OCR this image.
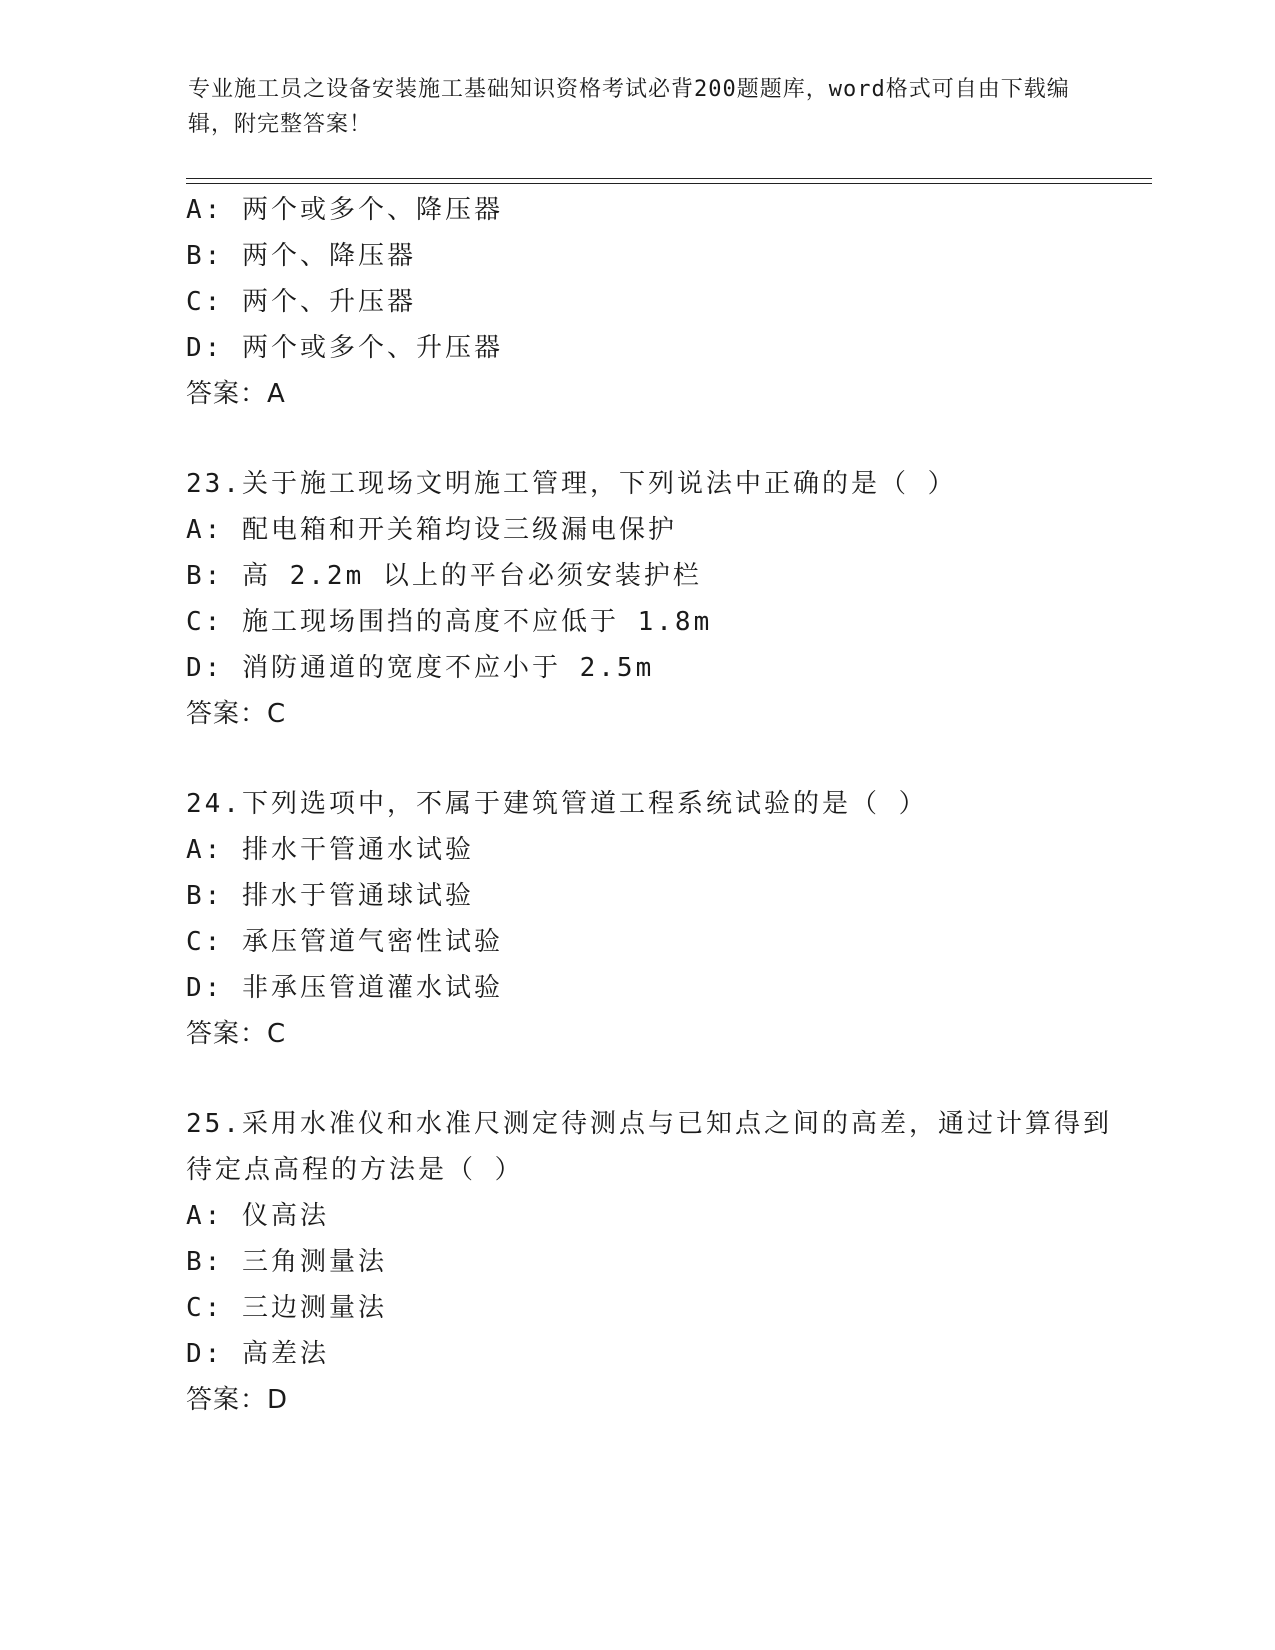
专业施工员之设备安装施工基础知识资格考试必背200题题库，word格式可自由下载编辑，附完整答案！
A: 两个或多个、降压器
B: 两个、降压器
C: 两个、升压器
D: 两个或多个、升压器
答案：A
23.关于施工现场文明施工管理，下列说法中正确的是（ ）
A: 配电箱和开关箱均设三级漏电保护
B: 高 2.2m 以上的平台必须安装护栏
C: 施工现场围挡的高度不应低于 1.8m
D: 消防通道的宽度不应小于 2.5m
答案：C
24.下列选项中，不属于建筑管道工程系统试验的是（ ）
A: 排水干管通水试验
B: 排水于管通球试验
C: 承压管道气密性试验
D: 非承压管道灌水试验
答案：C
25.采用水准仪和水准尺测定待测点与已知点之间的高差，通过计算得到待定点高程的方法是（ ）
A: 仪高法
B: 三角测量法
C: 三边测量法
D: 高差法
答案：D
